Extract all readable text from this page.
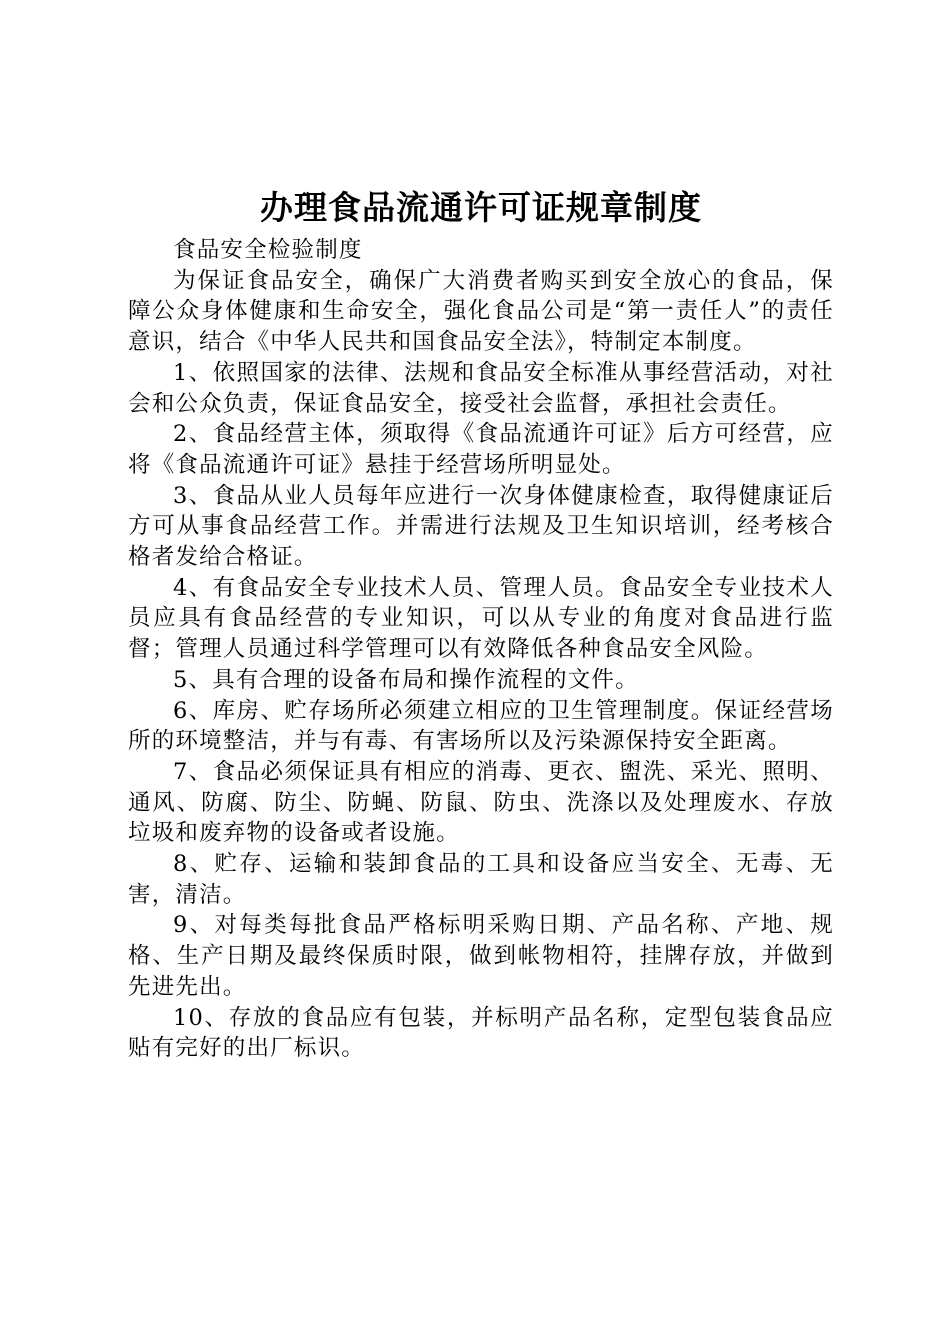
办理食品流通许可证规章制度

食品安全检验制度

为保证食品安全，确保广大消费者购买到安全放心的食品，保障公众身体健康和生命安全，强化食品公司是“第一责任人”的责任意识，结合《中华人民共和国食品安全法》，特制定本制度。

1、依照国家的法律、法规和食品安全标准从事经营活动，对社会和公众负责，保证食品安全，接受社会监督，承担社会责任。

2、食品经营主体，须取得《食品流通许可证》后方可经营，应将《食品流通许可证》悬挂于经营场所明显处。

3、食品从业人员每年应进行一次身体健康检查，取得健康证后方可从事食品经营工作。并需进行法规及卫生知识培训，经考核合格者发给合格证。

4、有食品安全专业技术人员、管理人员。食品安全专业技术人员应具有食品经营的专业知识，可以从专业的角度对食品进行监督；管理人员通过科学管理可以有效降低各种食品安全风险。

5、具有合理的设备布局和操作流程的文件。

6、库房、贮存场所必须建立相应的卫生管理制度。保证经营场所的环境整洁，并与有毒、有害场所以及污染源保持安全距离。

7、食品必须保证具有相应的消毒、更衣、盥洗、采光、照明、通风、防腐、防尘、防蝇、防鼠、防虫、洗涤以及处理废水、存放垃圾和废弃物的设备或者设施。

8、贮存、运输和装卸食品的工具和设备应当安全、无毒、无害，清洁。

9、对每类每批食品严格标明采购日期、产品名称、产地、规格、生产日期及最终保质时限，做到帐物相符，挂牌存放，并做到先进先出。

10、存放的食品应有包装，并标明产品名称，定型包装食品应贴有完好的出厂标识。
